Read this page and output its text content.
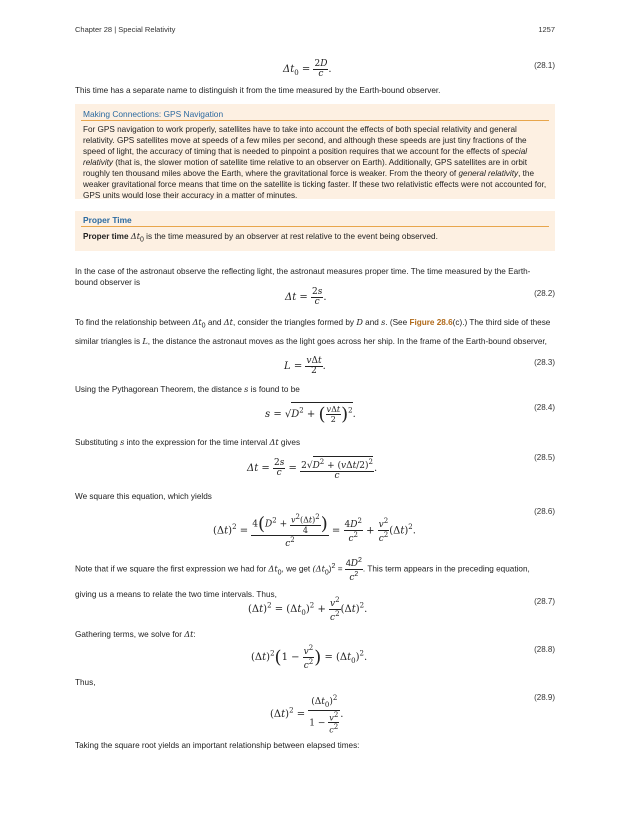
Chapter 28 | Special Relativity	1257
$\Delta t_0 = \frac{2D}{c}$ .	(28.1)
This time has a separate name to distinguish it from the time measured by the Earth-bound observer.
Making Connections: GPS Navigation
For GPS navigation to work properly, satellites have to take into account the effects of both special relativity and general relativity. GPS satellites move at speeds of a few miles per second, and although these speeds are just tiny fractions of the speed of light, the accuracy of timing that is needed to pinpoint a position requires that we account for the effects of special relativity (that is, the slower motion of satellite time relative to an observer on Earth). Additionally, GPS satellites are in orbit roughly ten thousand miles above the Earth, where the gravitational force is weaker. From the theory of general relativity, the weaker gravitational force means that time on the satellite is ticking faster. If these two relativistic effects were not accounted for, GPS units would lose their accuracy in a matter of minutes.
Proper Time
Proper time $\Delta t_0$ is the time measured by an observer at rest relative to the event being observed.
In the case of the astronaut observe the reflecting light, the astronaut measures proper time. The time measured by the Earth-bound observer is
$\Delta t = \frac{2s}{c}$ .	(28.2)
To find the relationship between $\Delta t_0$ and Δt, consider the triangles formed by D and s. (See Figure 28.6(c).) The third side of these similar triangles is L, the distance the astronaut moves as the light goes across her ship. In the frame of the Earth-bound observer,
$L = \frac{\text{vΔt}}{2}$ .	(28.3)
Using the Pythagorean Theorem, the distance s is found to be
$s = √D^2$ + ( $\frac{\text{vΔt}}{2} )^2$.
(28.4)
Substituting s into the expression for the time interval Δt gives
$\Delta t = \frac{2s}{c} = \frac{2√D^2 + (v\Delta t/2)^2}{c}$ .
(28.5)
We square this equation, which yields
$(\Delta t)^2 = \frac{4(D^2 + \frac{v^2(\Delta t)^2}{4} )}{c^2} = \frac{4D^2}{c^2} + \frac{v^2}{c^2} (\Delta t)^2$.
(28.6)
Note that if we square the first expression we had for $\Delta t_0$, we get $(\Delta t_0)^2 = \frac{4D^2}{c^2}$ . This term appears in the preceding equation, giving us a means to relate the two time intervals. Thus,
$(\Delta t)^2 = (\Delta t_0)^2 + \frac{v^2}{c^2} (\Delta t)^2$.
(28.7)
Gathering terms, we solve for Δt:
$(\Delta t)^2(1 - \frac{v^2}{c^2}$ ) = $(\Delta t_0)^2$.
(28.8)
Thus,
$(\Delta t)^2 = \frac{(\Delta t_0)^2}{1 - \frac{v^2}{c^2}}$ .
(28.9)
Taking the square root yields an important relationship between elapsed times:
